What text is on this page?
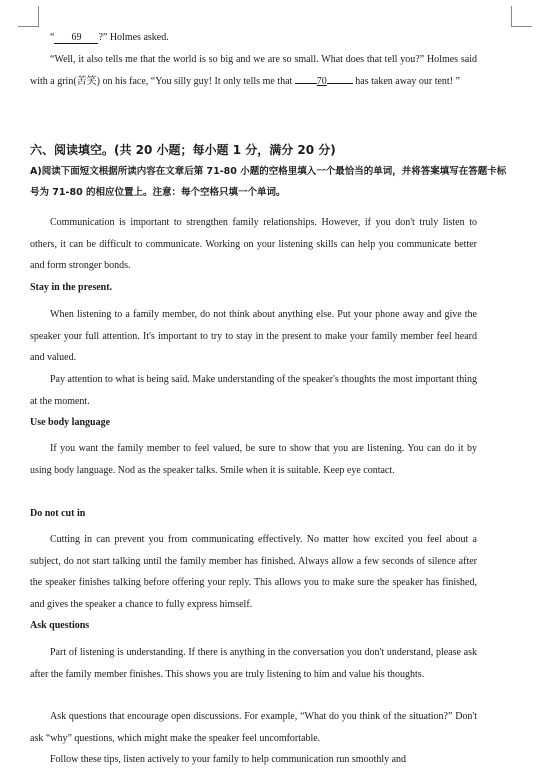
“ 69 ?” Holmes asked.

“Well, it also tells me that the world is so big and we are so small. What does that tell you?” Holmes said with a grin(苦笑) on his face, “You silly guy! It only tells me that 70	has taken away our tent! ”

六、阅读填空。(共 20 小题；每小题 1 分，满分 20 分)

A)阅读下面短文根据所读内容在文章后第 71-80 小题的空格里填入一个最恰当的单词，并将答案填写在答题卡标号为 71-80 的相应位置上。注意：每个空格只填一个单词。

Communication is important to strengthen family relationships. However, if you don't truly listen to others, it can be difficult to communicate. Working on your listening skills can help you communicate better and form stronger bonds.

Stay in the present.

When listening to a family member, do not think about anything else. Put your phone away and give the speaker your full attention. It's important to try to stay in the present to make your family member feel heard and valued.

Pay attention to what is being said. Make understanding of the speaker's thoughts the most important thing at the moment.

Use body language

If you want the family member to feel valued, be sure to show that you are listening. You can do it by using body language. Nod as the speaker talks. Smile when it is suitable. Keep eye contact.

Do not cut in

Cutting in can prevent you from communicating effectively. No matter how excited you feel about a subject, do not start talking until the family member has finished. Always allow a few seconds of silence after the speaker finishes talking before offering your reply. This allows you to make sure the speaker has finished, and gives the speaker a chance to fully express himself.

Ask questions

Part of listening is understanding. If there is anything in the conversation you don't understand, please ask after the family member finishes. This shows you are truly listening to him and value his thoughts.

Ask questions that encourage open discussions. For example, “What do you think of the situation?” Don't ask “why” questions, which might make the speaker feel uncomfortable.

Follow these tips, listen actively to your family to help communication run smoothly and
